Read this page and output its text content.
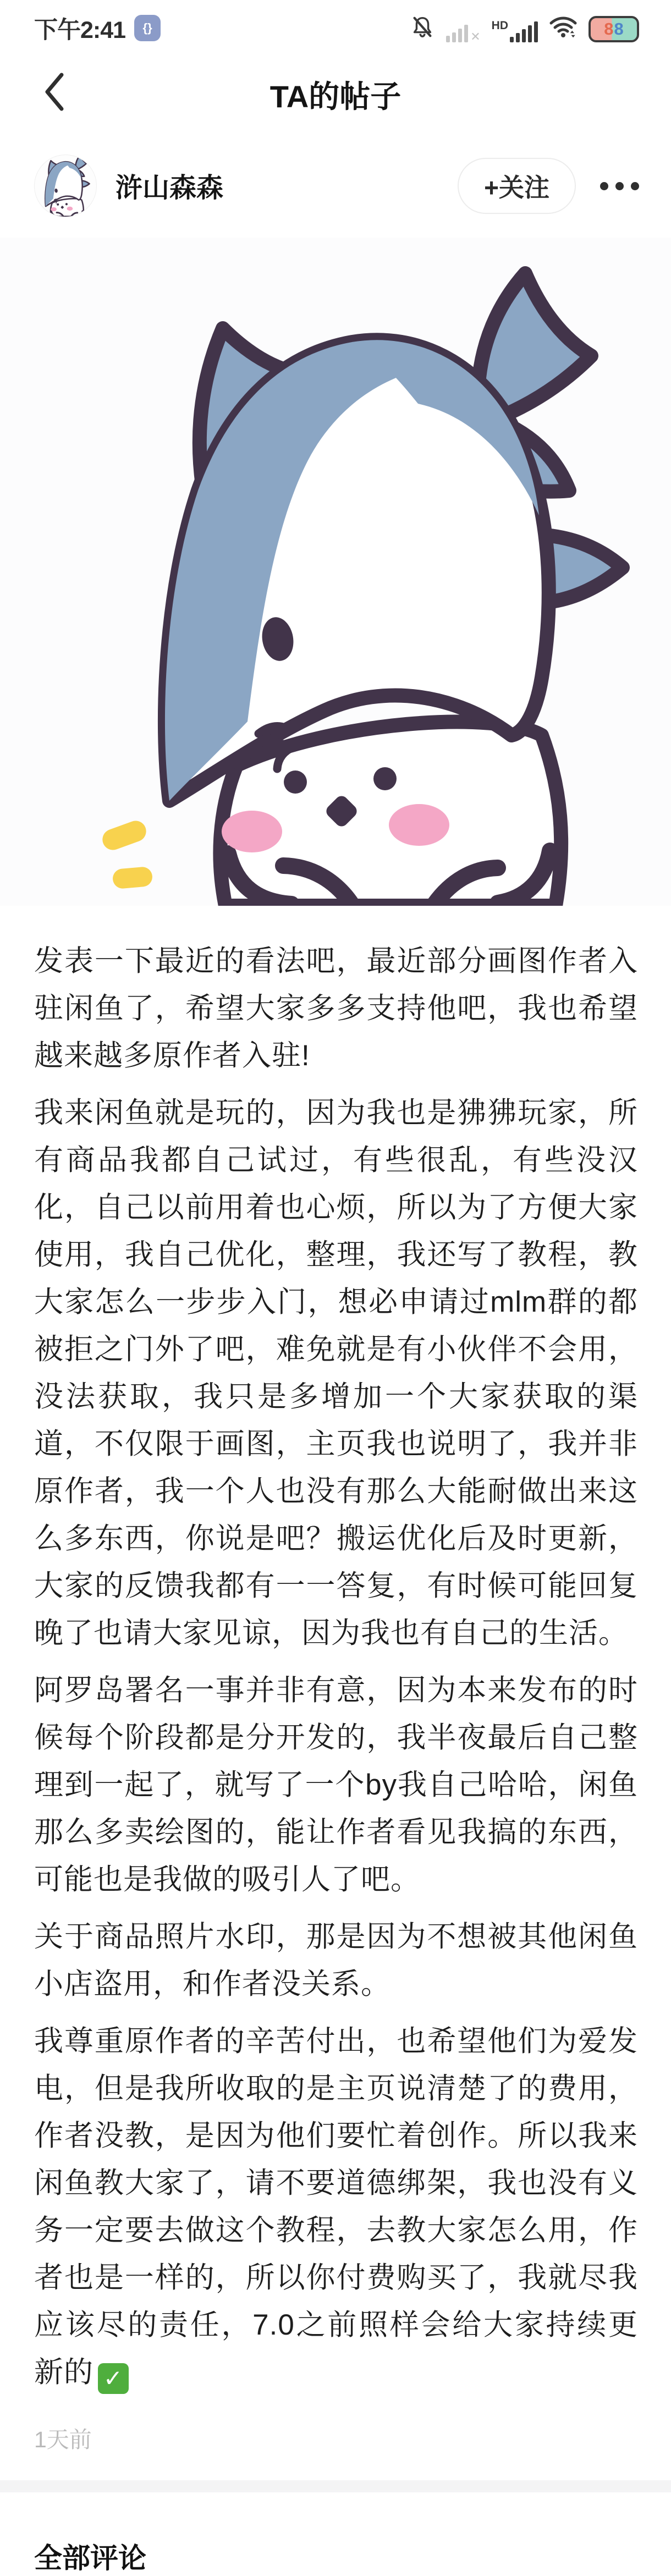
下午2:41	{}
✕
HD	8 8
TA的帖子
浒山森森	+关注

发表一下最近的看法吧，最近部分画图作者入驻闲鱼了，希望大家多多支持他吧，我也希望越来越多原作者入驻!

我来闲鱼就是玩的，因为我也是狒狒玩家，所有商品我都自己试过，有些很乱，有些没汉化，自己以前用着也心烦，所以为了方便大家使用，我自己优化，整理，我还写了教程，教大家怎么一步步入门，想必申请过mlm群的都被拒之门外了吧，难免就是有小伙伴不会用，没法获取，我只是多增加一个大家获取的渠道，不仅限于画图，主页我也说明了，我并非原作者，我一个人也没有那么大能耐做出来这么多东西，你说是吧？搬运优化后及时更新，大家的反馈我都有一一答复，有时候可能回复晚了也请大家见谅，因为我也有自己的生活。

阿罗岛署名一事并非有意，因为本来发布的时候每个阶段都是分开发的，我半夜最后自己整理到一起了，就写了一个by我自己哈哈，闲鱼那么多卖绘图的，能让作者看见我搞的东西，可能也是我做的吸引人了吧。

关于商品照片水印，那是因为不想被其他闲鱼小店盗用，和作者没关系。

我尊重原作者的辛苦付出，也希望他们为爱发电，但是我所收取的是主页说清楚了的费用，作者没教，是因为他们要忙着创作。所以我来闲鱼教大家了，请不要道德绑架，我也没有义务一定要去做这个教程，去教大家怎么用，作者也是一样的，所以你付费购买了，我就尽我应该尽的责任，7.0之前照样会给大家持续更新的 ✓

1天前
全部评论
